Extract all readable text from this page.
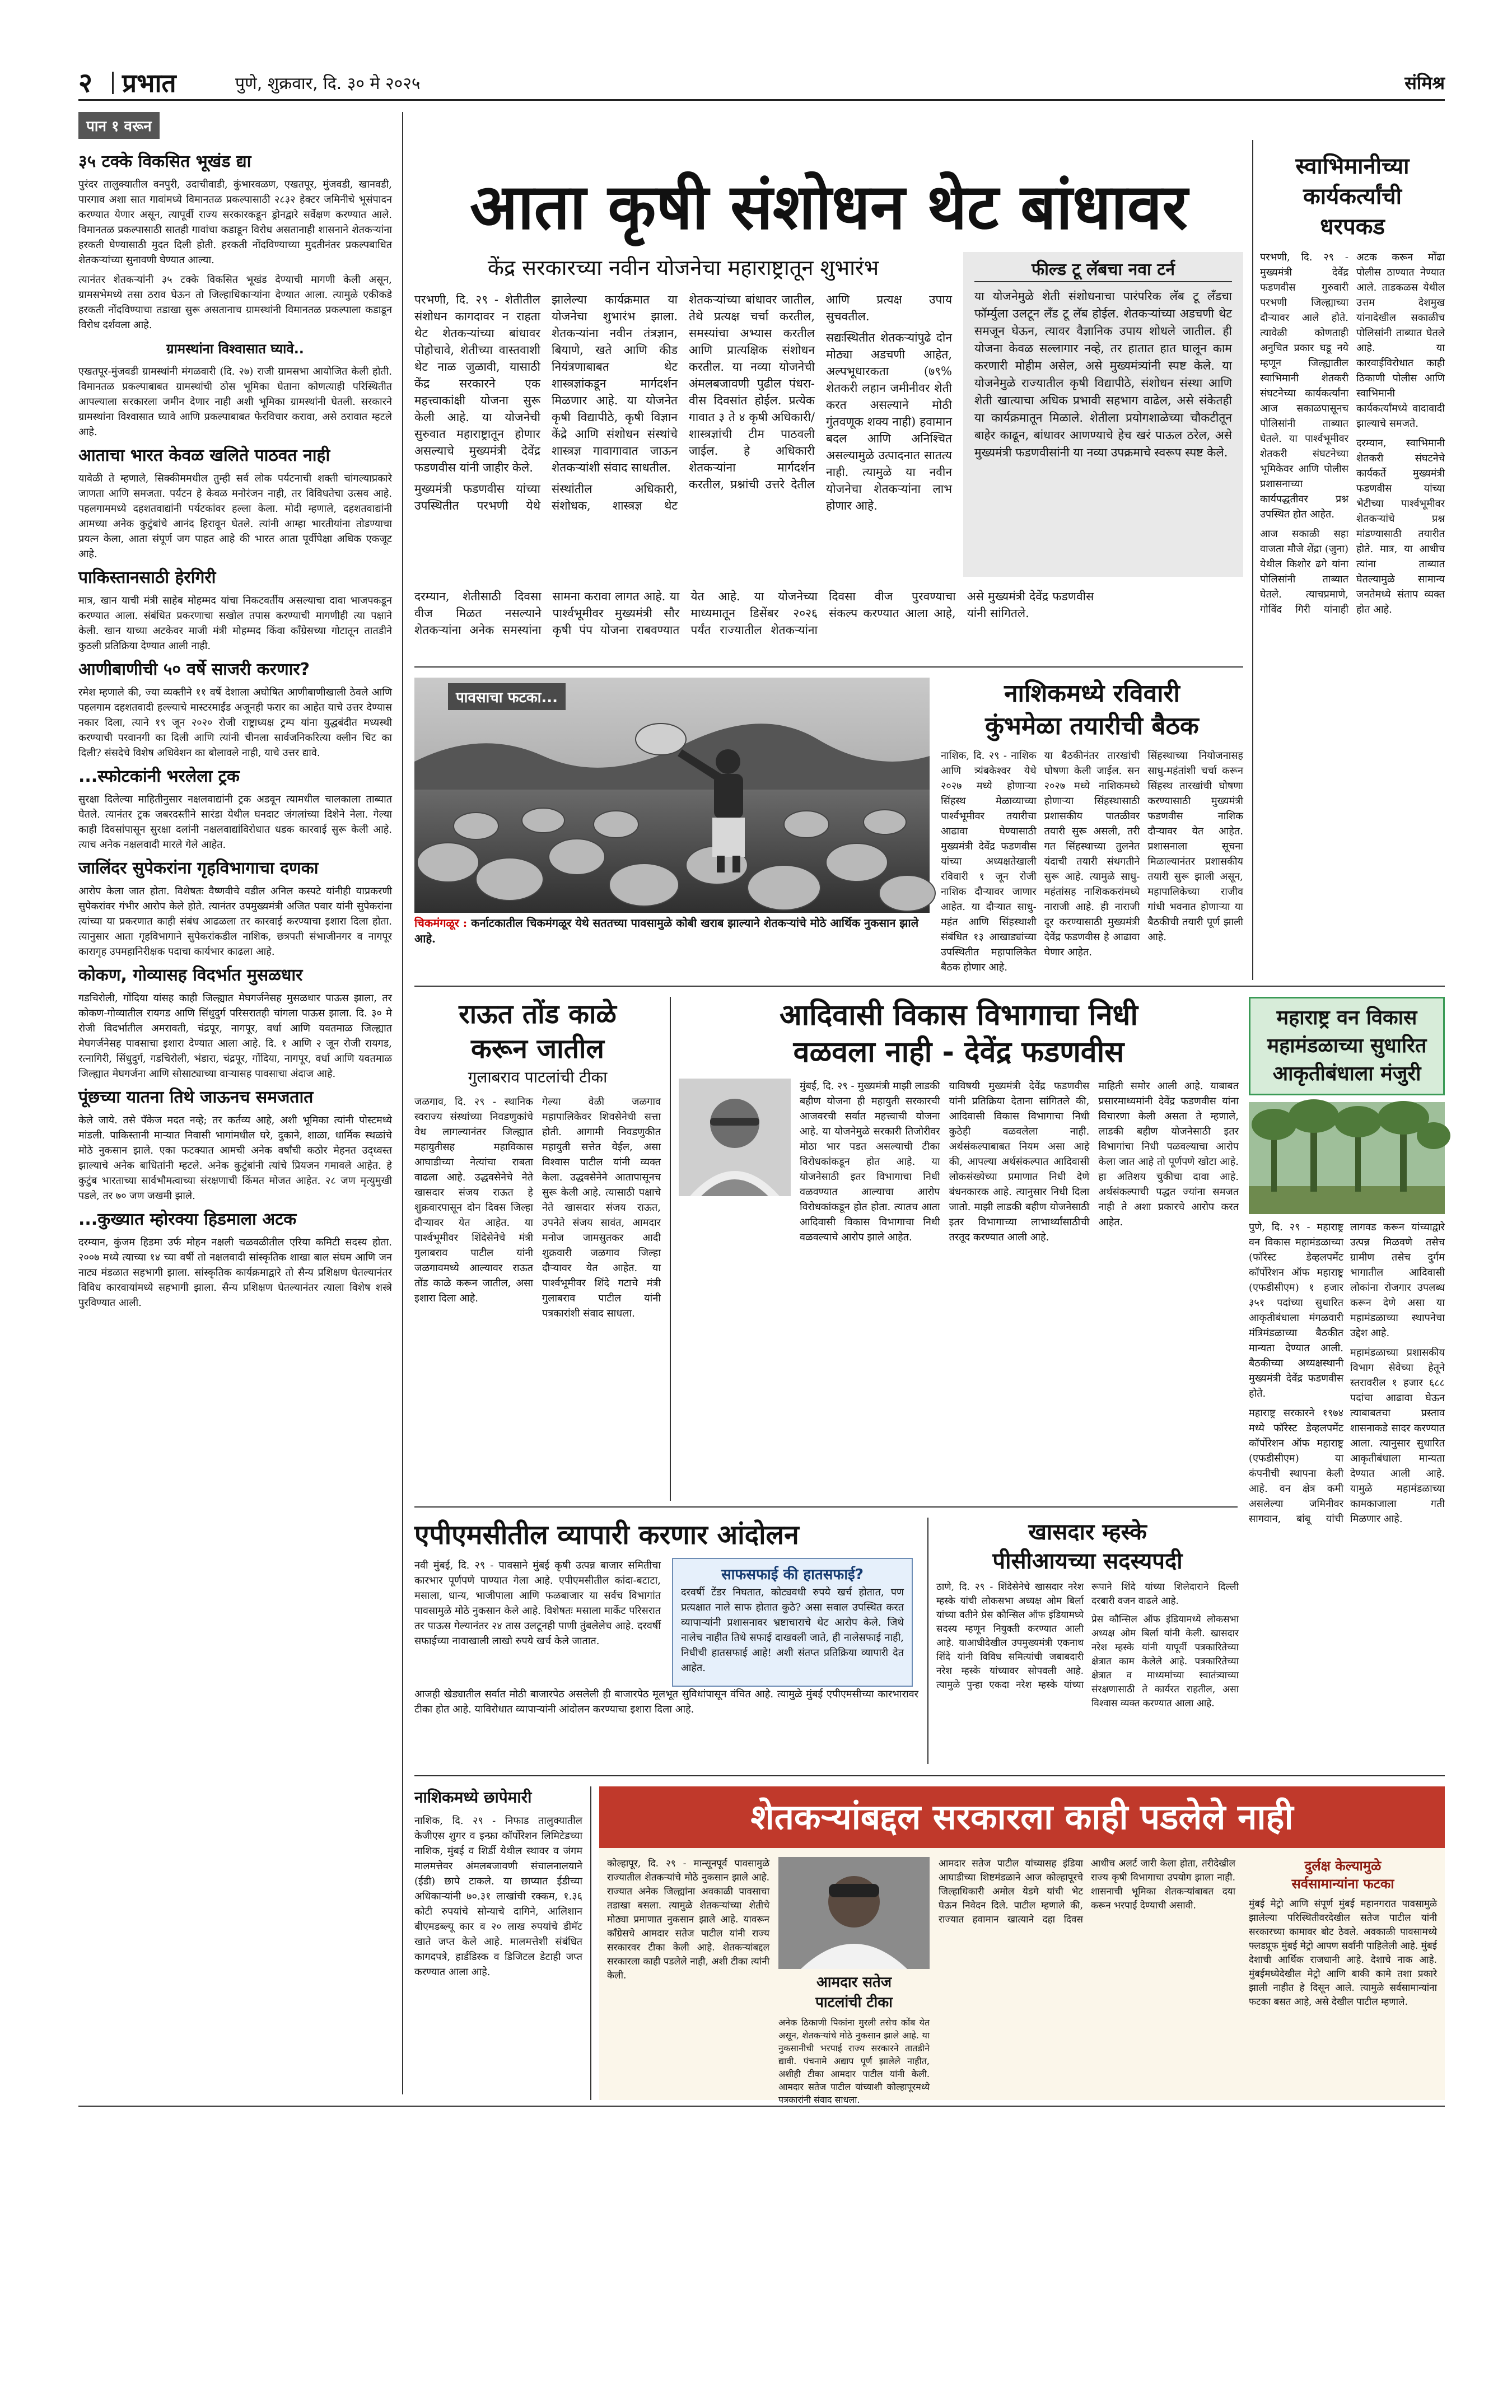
२ प्रभात	पुणे, शुक्रवार, दि. ३० मे २०२५	संमिश्र
पान १ वरून
३५ टक्के विकसित भूखंड द्या

पुरंदर तालुक्यातील वनपुरी, उदाचीवाडी, कुंभारवळण, एखतपूर, मुंजवडी, खानवडी, पारगाव अशा सात गावांमध्ये विमानतळ प्रकल्पासाठी २८३२ हेक्टर जमिनीचे भूसंपादन करण्यात येणार असून, त्यापूर्वी राज्य सरकारकडून ड्रोनद्वारे सर्वेक्षण करण्यात आले. विमानतळ प्रकल्पासाठी सातही गावांचा कडाडून विरोध असतानाही शासनाने शेतकऱ्यांना हरकती घेण्यासाठी मुदत दिली होती. हरकती नोंदविण्याच्या मुदतीनंतर प्रकल्पबाधित शेतकऱ्यांच्या सुनावणी घेण्यात आल्या.

त्यानंतर शेतकऱ्यांनी ३५ टक्के विकसित भूखंड देण्याची मागणी केली असून, ग्रामसभेमध्ये तसा ठराव घेऊन तो जिल्हाधिकाऱ्यांना देण्यात आला. त्यामुळे एकीकडे हरकती नोंदविण्याचा तडाखा सुरू असतानाच ग्रामस्थांनी विमानतळ प्रकल्पाला कडाडून विरोध दर्शवला आहे.

ग्रामस्थांना विश्वासात घ्यावे..

एखतपूर-मुंजवडी ग्रामस्थांनी मंगळवारी (दि. २७) राजी ग्रामसभा आयोजित केली होती. विमानतळ प्रकल्पाबाबत ग्रामस्थांची ठोस भूमिका घेताना कोणत्याही परिस्थितीत आपल्याला सरकारला जमीन देणार नाही अशी भूमिका ग्रामस्थांनी घेतली. सरकारने ग्रामस्थांना विश्वासात घ्यावे आणि प्रकल्पाबाबत फेरविचार करावा, असे ठरावात म्हटले आहे.

आताचा भारत केवळ खलिते पाठवत नाही

यावेळी ते म्हणाले, सिक्कीममधील तुम्ही सर्व लोक पर्यटनाची शक्ती चांगल्याप्रकारे जाणता आणि समजता. पर्यटन हे केवळ मनोरंजन नाही, तर विविधतेचा उत्सव आहे. पहलगाममध्ये दहशतवाद्यांनी पर्यटकांवर हल्ला केला. मोदी म्हणाले, दहशतवाद्यांनी आमच्या अनेक कुटुंबांचे आनंद हिरावून घेतले. त्यांनी आम्हा भारतीयांना तोडण्याचा प्रयत्न केला, आता संपूर्ण जग पाहत आहे की भारत आता पूर्वीपेक्षा अधिक एकजूट आहे.

पाकिस्तानसाठी हेरगिरी

मात्र, खान याची मंत्री साहेब मोहम्मद यांचा निकटवर्तीय असल्याचा दावा भाजपकडून करण्यात आला. संबंधित प्रकरणाचा सखोल तपास करण्याची मागणीही त्या पक्षाने केली. खान याच्या अटकेवर माजी मंत्री मोहम्मद किंवा काँग्रेसच्या गोटातून तातडीने कुठली प्रतिक्रिया देण्यात आली नाही.

आणीबाणीची ५० वर्षे साजरी करणार?

रमेश म्हणाले की, ज्या व्यक्तीने ११ वर्षे देशाला अघोषित आणीबाणीखाली ठेवले आणि पहलगाम दहशतवादी हल्ल्याचे मास्टरमाईंड अजूनही फरार का आहेत याचे उत्तर देण्यास नकार दिला, त्याने १९ जून २०२० रोजी राष्ट्राध्यक्ष ट्रम्प यांना युद्धबंदीत मध्यस्थी करण्याची परवानगी का दिली आणि त्यांनी चीनला सार्वजनिकरित्या क्लीन चिट का दिली? संसदेचे विशेष अधिवेशन का बोलावले नाही, याचे उत्तर द्यावे.

...स्फोटकांनी भरलेला ट्रक

सुरक्षा दिलेल्या माहितीनुसार नक्षलवाद्यांनी ट्रक अडवून त्यामधील चालकाला ताब्यात घेतले. त्यानंतर ट्रक जबरदस्तीने सारंडा येथील घनदाट जंगलांच्या दिशेने नेला. गेल्या काही दिवसांपासून सुरक्षा दलांनी नक्षलवाद्यांविरोधात धडक कारवाई सुरू केली आहे. त्याच अनेक नक्षलवादी मारले गेले आहेत.

जालिंदर सुपेकरांना गृहविभागाचा दणका

आरोप केला जात होता. विशेषतः वैष्णवीचे वडील अनिल कस्पटे यांनीही याप्रकरणी सुपेकरांवर गंभीर आरोप केले होते. त्यानंतर उपमुख्यमंत्री अजित पवार यांनी सुपेकरांना त्यांच्या या प्रकरणात काही संबंध आढळला तर कारवाई करण्याचा इशारा दिला होता. त्यानुसार आता गृहविभागाने सुपेकरांकडील नाशिक, छत्रपती संभाजीनगर व नागपूर कारागृह उपमहानिरीक्षक पदाचा कार्यभार काढला आहे.

कोकण, गोव्यासह विदर्भात मुसळधार

गडचिरोली, गोंदिया यांसह काही जिल्ह्यात मेघगर्जनेसह मुसळधार पाऊस झाला, तर कोकण-गोव्यातील रायगड आणि सिंधुदुर्ग परिसरातही चांगला पाऊस झाला. दि. ३० मे रोजी विदर्भातील अमरावती, चंद्रपूर, नागपूर, वर्धा आणि यवतमाळ जिल्ह्यात मेघगर्जनेसह पावसाचा इशारा देण्यात आला आहे. दि. १ आणि २ जून रोजी रायगड, रत्नागिरी, सिंधुदुर्ग, गडचिरोली, भंडारा, चंद्रपूर, गोंदिया, नागपूर, वर्धा आणि यवतमाळ जिल्ह्यात मेघगर्जना आणि सोसाट्याच्या वाऱ्यासह पावसाचा अंदाज आहे.

पूंछच्या यातना तिथे जाऊनच समजतात

केले जाये. तसे पॅकेज मदत नव्हे; तर कर्तव्य आहे, अशी भूमिका त्यांनी पोस्टमध्ये मांडली. पाकिस्तानी माऱ्यात निवासी भागांमधील घरे, दुकाने, शाळा, धार्मिक स्थळांचे मोठे नुकसान झाले. एका फटक्यात आमची अनेक वर्षांची कठोर मेहनत उद्ध्वस्त झाल्याचे अनेक बाधितांनी म्हटले. अनेक कुटुंबांनी त्यांचे प्रियजन गमावले आहेत. हे कुटुंब भारताच्या सार्वभौमत्वाच्या संरक्षणाची किंमत मोजत आहेत. २८ जण मृत्युमुखी पडले, तर ७० जण जखमी झाले.

...कुख्यात म्होरक्या हिडमाला अटक

दरम्यान, कुंजम हिडमा उर्फ मोहन नक्षली चळवळीतील एरिया कमिटी सदस्य होता. २००७ मध्ये त्याच्या १४ च्या वर्षी तो नक्षलवादी सांस्कृतिक शाखा बाल संघम आणि जन नाट्य मंडळात सहभागी झाला. सांस्कृतिक कार्यक्रमाद्वारे तो सैन्य प्रशिक्षण घेतल्यानंतर विविध कारवायांमध्ये सहभागी झाला. सैन्य प्रशिक्षण घेतल्यानंतर त्याला विशेष शस्त्रे पुरविण्यात आली.

आता कृषी संशोधन थेट बांधावर
केंद्र सरकारच्या नवीन योजनेचा महाराष्ट्रातून शुभारंभ

परभणी, दि. २९ - शेतीतील संशोधन कागदावर न राहता थेट शेतकऱ्यांच्या बांधावर पोहोचावे, शेतीच्या वास्तवाशी थेट नाळ जुळावी, यासाठी केंद्र सरकारने एक महत्त्वाकांक्षी योजना सुरू केली आहे. या योजनेची सुरुवात महाराष्ट्रातून होणार असल्याचे मुख्यमंत्री देवेंद्र फडणवीस यांनी जाहीर केले.

मुख्यमंत्री फडणवीस यांच्या उपस्थितीत परभणी येथे झालेल्या कार्यक्रमात या योजनेचा शुभारंभ झाला. शेतकऱ्यांना नवीन तंत्रज्ञान, बियाणे, खते आणि कीड नियंत्रणाबाबत थेट शास्त्रज्ञांकडून मार्गदर्शन मिळणार आहे. या योजनेत कृषी विद्यापीठे, कृषी विज्ञान केंद्रे आणि संशोधन संस्थांचे शास्त्रज्ञ गावागावात जाऊन शेतकऱ्यांशी संवाद साधतील.

संस्थांतील अधिकारी, संशोधक, शास्त्रज्ञ थेट शेतकऱ्यांच्या बांधावर जातील, तेथे प्रत्यक्ष चर्चा करतील, समस्यांचा अभ्यास करतील आणि प्रात्यक्षिक संशोधन करतील. या नव्या योजनेची अंमलबजावणी पुढील पंधरा-वीस दिवसांत होईल. प्रत्येक गावात ३ ते ४ कृषी अधिकारी/शास्त्रज्ञांची टीम पाठवली जाईल. हे अधिकारी शेतकऱ्यांना मार्गदर्शन करतील, प्रश्नांची उत्तरे देतील आणि प्रत्यक्ष उपाय सुचवतील.

सद्यःस्थितीत शेतकऱ्यांपुढे दोन मोठ्या अडचणी आहेत, अल्पभूधारकता (७९% शेतकरी लहान जमीनीवर शेती करत असल्याने मोठी गुंतवणूक शक्य नाही) हवामान बदल आणि अनिश्चित असल्यामुळे उत्पादनात सातत्य नाही. त्यामुळे या नवीन योजनेचा शेतकऱ्यांना लाभ होणार आहे.

दरम्यान, शेतीसाठी दिवसा वीज मिळत नसल्याने शेतकऱ्यांना अनेक समस्यांना सामना करावा लागत आहे. या पार्श्वभूमीवर मुख्यमंत्री सौर कृषी पंप योजना राबवण्यात येत आहे. या योजनेच्या माध्यमातून डिसेंबर २०२६ पर्यंत राज्यातील शेतकऱ्यांना दिवसा वीज पुरवण्याचा संकल्प करण्यात आला आहे, असे मुख्यमंत्री देवेंद्र फडणवीस यांनी सांगितले.

फील्ड टू लॅबचा नवा टर्न

या योजनेमुळे शेती संशोधनाचा पारंपरिक लॅब टू लँडचा फॉर्म्युला उलटून लँड टू लॅब होईल. शेतकऱ्यांच्या अडचणी थेट समजून घेऊन, त्यावर वैज्ञानिक उपाय शोधले जातील. ही योजना केवळ सल्लागार नव्हे, तर हातात हात घालून काम करणारी मोहीम असेल, असे मुख्यमंत्र्यांनी स्पष्ट केले. या योजनेमुळे राज्यातील कृषी विद्यापीठे, संशोधन संस्था आणि शेती खात्याचा अधिक प्रभावी सहभाग वाढेल, असे संकेतही या कार्यक्रमातून मिळाले. शेतीला प्रयोगशाळेच्या चौकटीतून बाहेर काढून, बांधावर आणण्याचे हेच खरं पाऊल ठरेल, असे मुख्यमंत्री फडणवीसांनी या नव्या उपक्रमाचे स्वरूप स्पष्ट केले.

पावसाचा फटका...
चिकमंगळूर : कर्नाटकातील चिकमंगळूर येथे सततच्या पावसामुळे कोबी खराब झाल्याने शेतकऱ्यांचे मोठे आर्थिक नुकसान झाले आहे.
नाशिकमध्ये रविवारी
कुंभमेळा तयारीची बैठक

नाशिक, दि. २९ - नाशिक आणि त्र्यंबकेश्वर येथे २०२७ मध्ये होणाऱ्या सिंहस्थ मेळाव्याच्या पार्श्वभूमीवर तयारीचा आढावा घेण्यासाठी मुख्यमंत्री देवेंद्र फडणवीस यांच्या अध्यक्षतेखाली रविवारी १ जून रोजी नाशिक दौऱ्यावर जाणार आहेत. या दौऱ्यात साधु-महंत आणि सिंहस्थाशी संबंधित १३ आखाड्यांच्या उपस्थितीत महापालिकेत बैठक होणार आहे.

या बैठकीनंतर तारखांची घोषणा केली जाईल. सन २०२७ मध्ये नाशिकमध्ये होणाऱ्या सिंहस्थासाठी प्रशासकीय पातळीवर तयारी सुरू असली, तरी गत सिंहस्थाच्या तुलनेत यंदाची तयारी संथगतीने सुरू आहे. त्यामुळे साधु-महंतांसह नाशिककरांमध्ये नाराजी आहे. ही नाराजी दूर करण्यासाठी मुख्यमंत्री देवेंद्र फडणवीस हे आढावा घेणार आहेत.

सिंहस्थाच्या नियोजनासह साधु-महंतांशी चर्चा करून सिंहस्थ तारखांची घोषणा करण्यासाठी मुख्यमंत्री फडणवीस नाशिक दौऱ्यावर येत आहेत. प्रशासनाला सूचना मिळाल्यानंतर प्रशासकीय तयारी सुरू झाली असून, महापालिकेच्या राजीव गांधी भवनात होणाऱ्या या बैठकीची तयारी पूर्ण झाली आहे.

स्वाभिमानीच्या
कार्यकर्त्यांची
धरपकड

परभणी, दि. २९ - मुख्यमंत्री देवेंद्र फडणवीस गुरुवारी परभणी जिल्ह्याच्या दौऱ्यावर आले होते. त्यावेळी कोणताही अनुचित प्रकार घडू नये म्हणून जिल्ह्यातील स्वाभिमानी शेतकरी संघटनेच्या कार्यकर्त्यांना आज सकाळपासूनच पोलिसांनी ताब्यात घेतले. या पार्श्वभूमीवर शेतकरी संघटनेच्या भूमिकेवर आणि पोलीस प्रशासनाच्या कार्यपद्धतीवर प्रश्न उपस्थित होत आहेत.

आज सकाळी सहा वाजता मौजे शेंद्रा (जुना) येथील किशोर ढगे यांना पोलिसांनी ताब्यात घेतले. त्याचप्रमाणे, गोविंद गिरी यांनाही अटक करून मोंढा पोलीस ठाण्यात नेण्यात आले. ताडकळस येथील उत्तम देशमुख यांनादेखील सकाळीच पोलिसांनी ताब्यात घेतले आहे. या कारवाईविरोधात काही ठिकाणी पोलीस आणि स्वाभिमानी कार्यकर्त्यांमध्ये वादावादी झाल्याचे समजते.

दरम्यान, स्वाभिमानी शेतकरी संघटनेचे कार्यकर्ते मुख्यमंत्री फडणवीस यांच्या भेटीच्या पार्श्वभूमीवर शेतकऱ्यांचे प्रश्न मांडण्यासाठी तयारीत होते. मात्र, या आधीच त्यांना ताब्यात घेतल्यामुळे सामान्य जनतेमध्ये संताप व्यक्त होत आहे.

राऊत तोंड काळे
करून जातील
गुलाबराव पाटलांची टीका

जळगाव, दि. २९ - स्थानिक स्वराज्य संस्थांच्या निवडणुकांचे वेध लागल्यानंतर जिल्ह्यात महायुतीसह महाविकास आघाडीच्या नेत्यांचा राबता वाढला आहे. उद्धवसेनेचे नेते खासदार संजय राऊत हे शुक्रवारपासून दोन दिवस जिल्हा दौऱ्यावर येत आहेत. या पार्श्वभूमीवर शिंदेसेनेचे मंत्री गुलाबराव पाटील यांनी जळगावमध्ये आल्यावर राऊत तोंड काळे करून जातील, असा इशारा दिला आहे.

गेल्या वेळी जळगाव महापालिकेवर शिवसेनेची सत्ता होती. आगामी निवडणुकीत महायुती सत्तेत येईल, असा विश्वास पाटील यांनी व्यक्त केला. उद्धवसेनेने आतापासूनच सुरू केली आहे. त्यासाठी पक्षाचे नेते खासदार संजय राऊत, उपनेते संजय सावंत, आमदार मनोज जामसुतकर आदी शुक्रवारी जळगाव जिल्हा दौऱ्यावर येत आहेत. या पार्श्वभूमीवर शिंदे गटाचे मंत्री गुलाबराव पाटील यांनी पत्रकारांशी संवाद साधला.

आदिवासी विकास विभागाचा निधी
वळवला नाही - देवेंद्र फडणवीस

मुंबई, दि. २९ - मुख्यमंत्री माझी लाडकी बहीण योजना ही महायुती सरकारची आजवरची सर्वात महत्त्वाची योजना आहे. या योजनेमुळे सरकारी तिजोरीवर मोठा भार पडत असल्याची टीका विरोधकांकडून होत आहे. या योजनेसाठी इतर विभागाचा निधी वळवण्यात आल्याचा आरोप विरोधकांकडून होत होता. त्यातच आता आदिवासी विकास विभागाचा निधी वळवल्याचे आरोप झाले आहेत.

याविषयी मुख्यमंत्री देवेंद्र फडणवीस यांनी प्रतिक्रिया देताना सांगितले की, आदिवासी विकास विभागाचा निधी कुठेही वळवलेला नाही. अर्थसंकल्पाबाबत नियम असा आहे की, आपल्या अर्थसंकल्पात आदिवासी लोकसंख्येच्या प्रमाणात निधी देणे बंधनकारक आहे. त्यानुसार निधी दिला जातो. माझी लाडकी बहीण योजनेसाठी इतर विभागाच्या लाभार्थ्यांसाठीची तरतूद करण्यात आली आहे.

माहिती समोर आली आहे. याबाबत प्रसारमाध्यमांनी देवेंद्र फडणवीस यांना विचारणा केली असता ते म्हणाले, लाडकी बहीण योजनेसाठी इतर विभागांचा निधी पळवल्याचा आरोप केला जात आहे तो पूर्णपणे खोटा आहे. हा अतिशय चुकीचा दावा आहे. अर्थसंकल्पाची पद्धत ज्यांना समजत नाही ते अशा प्रकारचे आरोप करत आहेत.

महाराष्ट्र वन विकास महामंडळाच्या सुधारित आकृतीबंधाला मंजुरी

पुणे, दि. २९ - महाराष्ट्र वन विकास महामंडळाच्या (फॉरेस्ट डेव्हलपमेंट कॉर्पोरेशन ऑफ महाराष्ट्र (एफडीसीएम) १ हजार ३५१ पदांच्या सुधारित आकृतीबंधाला मंगळवारी मंत्रिमंडळाच्या बैठकीत मान्यता देण्यात आली. बैठकीच्या अध्यक्षस्थानी मुख्यमंत्री देवेंद्र फडणवीस होते.

महाराष्ट्र सरकारने १९७४ मध्ये फॉरेस्ट डेव्हलपमेंट कॉर्पोरेशन ऑफ महाराष्ट्र (एफडीसीएम) या कंपनीची स्थापना केली आहे. वन क्षेत्र कमी असलेल्या जमिनीवर सागवान, बांबू यांची लागवड करून यांच्याद्वारे उत्पन्न मिळवणे तसेच ग्रामीण तसेच दुर्गम भागातील आदिवासी लोकांना रोजगार उपलब्ध करून देणे असा या महामंडळाच्या स्थापनेचा उद्देश आहे.

महामंडळाच्या प्रशासकीय विभाग सेवेच्या हेतूने स्तरावरील १ हजार ६८८ पदांचा आढावा घेऊन त्याबाबतचा प्रस्ताव शासनाकडे सादर करण्यात आला. त्यानुसार सुधारित आकृतीबंधाला मान्यता देण्यात आली आहे. यामुळे महामंडळाच्या कामकाजाला गती मिळणार आहे.

एपीएमसीतील व्यापारी करणार आंदोलन

नवी मुंबई, दि. २९ - पावसाने मुंबई कृषी उत्पन्न बाजार समितीचा कारभार पूर्णपणे पाण्यात गेला आहे. एपीएमसीतील कांदा-बटाटा, मसाला, धान्य, भाजीपाला आणि फळबाजार या सर्वच विभागांत पावसामुळे मोठे नुकसान केले आहे. विशेषतः मसाला मार्केट परिसरात तर पाऊस गेल्यानंतर २४ तास उलटूनही पाणी तुंबलेलेच आहे. दरवर्षी सफाईच्या नावाखाली लाखो रुपये खर्च केले जातात.

साफसफाई की हातसफाई?

दरवर्षी टेंडर निघतात, कोट्यवधी रुपये खर्च होतात, पण प्रत्यक्षात नाले साफ होतात कुठे? असा सवाल उपस्थित करत व्यापाऱ्यांनी प्रशासनावर भ्रष्टाचाराचे थेट आरोप केले. जिथे नालेच नाहीत तिथे सफाई दाखवली जाते, ही नालेसफाई नाही, निधीची हातसफाई आहे! अशी संतप्त प्रतिक्रिया व्यापारी देत आहेत.

आजही खेड्यातील सर्वात मोठी बाजारपेठ असलेली ही बाजारपेठ मूलभूत सुविधांपासून वंचित आहे. त्यामुळे मुंबई एपीएमसीच्या कारभारावर टीका होत आहे. याविरोधात व्यापाऱ्यांनी आंदोलन करण्याचा इशारा दिला आहे.

खासदार म्हस्के
पीसीआयच्या सदस्यपदी

ठाणे, दि. २९ - शिंदेसेनेचे खासदार नरेश म्हस्के यांची लोकसभा अध्यक्ष ओम बिर्ला यांच्या वतीने प्रेस कौन्सिल ऑफ इंडियामध्ये सदस्य म्हणून नियुक्ती करण्यात आली आहे. याआधीदेखील उपमुख्यमंत्री एकनाथ शिंदे यांनी विविध समित्यांची जबाबदारी नरेश म्हस्के यांच्यावर सोपवली आहे. त्यामुळे पुन्हा एकदा नरेश म्हस्के यांच्या रूपाने शिंदे यांच्या शिलेदाराने दिल्ली दरबारी वजन वाढले आहे.

प्रेस कौन्सिल ऑफ इंडियामध्ये लोकसभा अध्यक्ष ओम बिर्ला यांनी केली. खासदार नरेश म्हस्के यांनी यापूर्वी पत्रकारितेच्या क्षेत्रात काम केलेले आहे. पत्रकारितेच्या क्षेत्रात व माध्यमांच्या स्वातंत्र्याच्या संरक्षणासाठी ते कार्यरत राहतील, असा विश्वास व्यक्त करण्यात आला आहे.

नाशिकमध्ये छापेमारी

नाशिक, दि. २९ - निफाड तालुक्यातील केजीएस शुगर व इन्फ्रा कॉर्पोरेशन लिमिटेडच्या नाशिक, मुंबई व शिर्डी येथील स्थावर व जंगम मालमत्तेवर अंमलबजावणी संचालनालयाने (ईडी) छापे टाकले. या छाप्यात ईडीच्या अधिकाऱ्यांनी ७०.३१ लाखांची रक्कम, १.३६ कोटी रुपयांचे सोन्याचे दागिने, आलिशान बीएमडब्ल्यू कार व २० लाख रुपयांचे डीमॅट खाते जप्त केले आहे. मालमत्तेशी संबंधित कागदपत्रे, हार्डडिस्क व डिजिटल डेटाही जप्त करण्यात आला आहे.

शेतकऱ्यांबद्दल सरकारला काही पडलेले नाही

कोल्हापूर, दि. २९ - मान्सूनपूर्व पावसामुळे राज्यातील शेतकऱ्यांचे मोठे नुकसान झाले आहे. राज्यात अनेक जिल्ह्यांना अवकाळी पावसाचा तडाखा बसला. त्यामुळे शेतकऱ्यांच्या शेतीचे मोठ्या प्रमाणात नुकसान झाले आहे. यावरून काँग्रेसचे आमदार सतेज पाटील यांनी राज्य सरकारवर टीका केली आहे. शेतकऱ्यांबद्दल सरकारला काही पडलेले नाही, अशी टीका त्यांनी केली.	आमदार सतेज
पाटलांची टीका

अनेक ठिकाणी पिकांना मुरली तसेच कोंब येत असून, शेतकऱ्यांचे मोठे नुकसान झाले आहे. या नुकसानीची भरपाई राज्य सरकारने तातडीने द्यावी. पंचनामे अद्याप पूर्ण झालेले नाहीत, अशीही टीका आमदार पाटील यांनी केली. आमदार सतेज पाटील यांच्याशी कोल्हापूरमध्ये पत्रकारांनी संवाद साधला.

आमदार सतेज पाटील यांच्यासह इंडिया आघाडीच्या शिष्टमंडळाने आज कोल्हापूरचे जिल्हाधिकारी अमोल येडगे यांची भेट घेऊन निवेदन दिले. पाटील म्हणाले की, राज्यात हवामान खात्याने दहा दिवस आधीच अलर्ट जारी केला होता, तरीदेखील राज्य कृषी विभागाचा उपयोग झाला नाही. शासनाची भूमिका शेतकऱ्यांबाबत दया करून भरपाई देण्याची असावी.

दुर्लक्ष केल्यामुळे
सर्वसामान्यांना फटका

मुंबई मेट्रो आणि संपूर्ण मुंबई महानगरात पावसामुळे झालेल्या परिस्थितीवरदेखील सतेज पाटील यांनी सरकारच्या कामावर बोट ठेवले. अवकाळी पावसामध्ये फ्लडप्रूफ मुंबई मेट्रो आपण सर्वांनी पाहिलेली आहे. मुंबई देशाची आर्थिक राजधानी आहे. देशाचे नाक आहे. मुंबईमध्येदेखील मेट्रो आणि बाकी कामे तशा प्रकारे झाली नाहीत हे दिसून आले. त्यामुळे सर्वसामान्यांना फटका बसत आहे, असे देखील पाटील म्हणाले.
